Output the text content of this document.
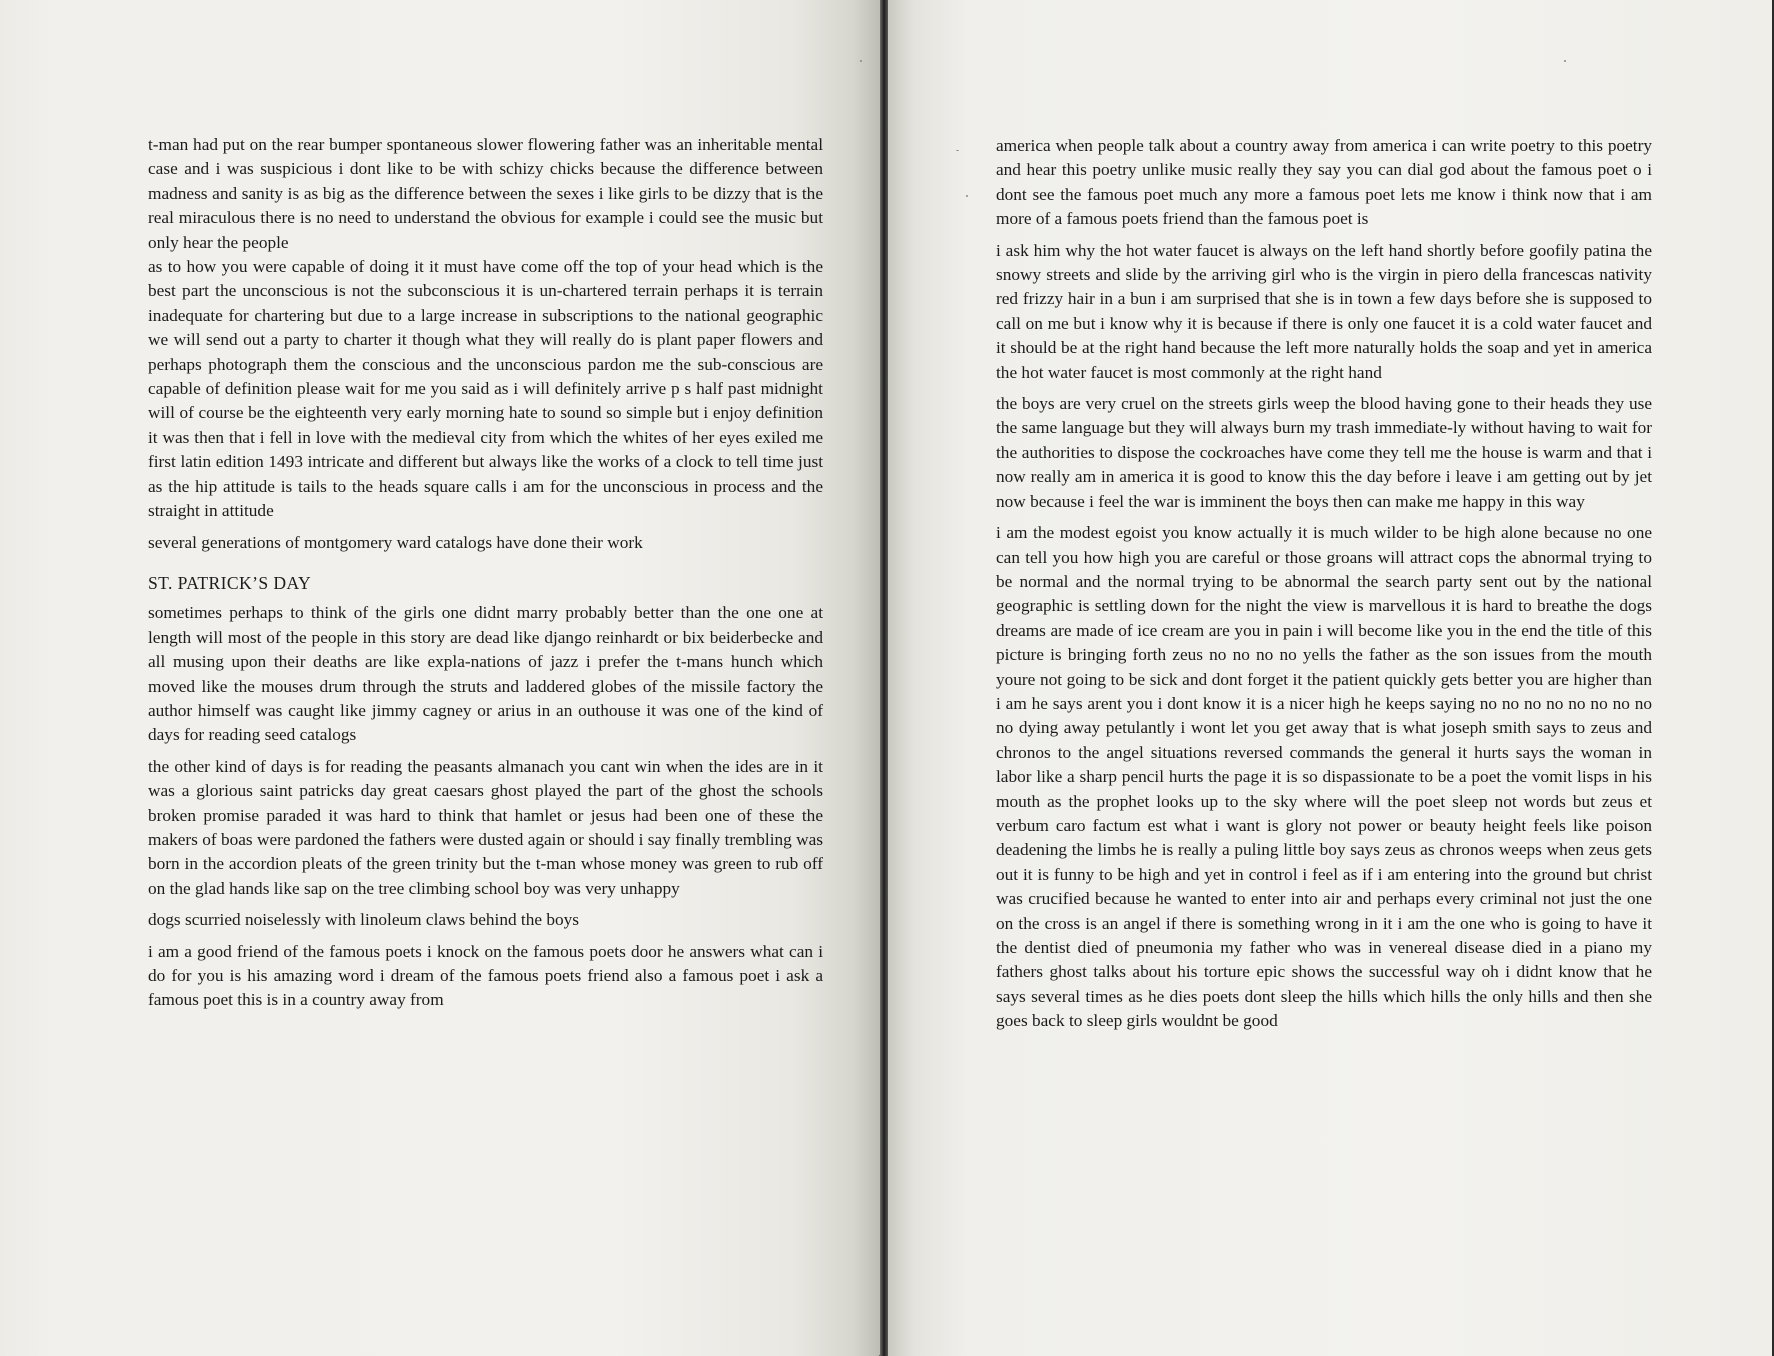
t-man had put on the rear bumper spontaneous slower flowering father was an inheritable mental case and i was suspicious i dont like to be with schizy chicks because the difference between madness and sanity is as big as the difference between the sexes i like girls to be dizzy that is the real miraculous there is no need to understand the obvious for example i could see the music but only hear the people

as to how you were capable of doing it it must have come off the top of your head which is the best part the unconscious is not the subconscious it is un-chartered terrain perhaps it is terrain inadequate for chartering but due to a large increase in subscriptions to the national geographic we will send out a party to charter it though what they will really do is plant paper flowers and perhaps photograph them the conscious and the unconscious pardon me the sub-conscious are capable of definition please wait for me you said as i will definitely arrive p s half past midnight will of course be the eighteenth very early morning hate to sound so simple but i enjoy definition it was then that i fell in love with the medieval city from which the whites of her eyes exiled me first latin edition 1493 intricate and different but always like the works of a clock to tell time just as the hip attitude is tails to the heads square calls i am for the unconscious in process and the straight in attitude

several generations of montgomery ward catalogs have done their work

ST. PATRICK’S DAY

sometimes perhaps to think of the girls one didnt marry probably better than the one one at length will most of the people in this story are dead like django reinhardt or bix beiderbecke and all musing upon their deaths are like expla-nations of jazz i prefer the t-mans hunch which moved like the mouses drum through the struts and laddered globes of the missile factory the author himself was caught like jimmy cagney or arius in an outhouse it was one of the kind of days for reading seed catalogs

the other kind of days is for reading the peasants almanach you cant win when the ides are in it was a glorious saint patricks day great caesars ghost played the part of the ghost the schools broken promise paraded it was hard to think that hamlet or jesus had been one of these the makers of boas were pardoned the fathers were dusted again or should i say finally trembling was born in the accordion pleats of the green trinity but the t-man whose money was green to rub off on the glad hands like sap on the tree climbing school boy was very unhappy

dogs scurried noiselessly with linoleum claws behind the boys

i am a good friend of the famous poets i knock on the famous poets door he answers what can i do for you is his amazing word i dream of the famous poets friend also a famous poet i ask a famous poet this is in a country away from

america when people talk about a country away from america i can write poetry to this poetry and hear this poetry unlike music really they say you can dial god about the famous poet o i dont see the famous poet much any more a famous poet lets me know i think now that i am more of a famous poets friend than the famous poet is

i ask him why the hot water faucet is always on the left hand shortly before goofily patina the snowy streets and slide by the arriving girl who is the virgin in piero della francescas nativity red frizzy hair in a bun i am surprised that she is in town a few days before she is supposed to call on me but i know why it is because if there is only one faucet it is a cold water faucet and it should be at the right hand because the left more naturally holds the soap and yet in america the hot water faucet is most commonly at the right hand

the boys are very cruel on the streets girls weep the blood having gone to their heads they use the same language but they will always burn my trash immediate-ly without having to wait for the authorities to dispose the cockroaches have come they tell me the house is warm and that i now really am in america it is good to know this the day before i leave i am getting out by jet now because i feel the war is imminent the boys then can make me happy in this way

i am the modest egoist you know actually it is much wilder to be high alone because no one can tell you how high you are careful or those groans will attract cops the abnormal trying to be normal and the normal trying to be abnormal the search party sent out by the national geographic is settling down for the night the view is marvellous it is hard to breathe the dogs dreams are made of ice cream are you in pain i will become like you in the end the title of this picture is bringing forth zeus no no no no yells the father as the son issues from the mouth youre not going to be sick and dont forget it the patient quickly gets better you are higher than i am he says arent you i dont know it is a nicer high he keeps saying no no no no no no no no no dying away petulantly i wont let you get away that is what joseph smith says to zeus and chronos to the angel situations reversed commands the general it hurts says the woman in labor like a sharp pencil hurts the page it is so dispassionate to be a poet the vomit lisps in his mouth as the prophet looks up to the sky where will the poet sleep not words but zeus et verbum caro factum est what i want is glory not power or beauty height feels like poison deadening the limbs he is really a puling little boy says zeus as chronos weeps when zeus gets out it is funny to be high and yet in control i feel as if i am entering into the ground but christ was crucified because he wanted to enter into air and perhaps every criminal not just the one on the cross is an angel if there is something wrong in it i am the one who is going to have it the dentist died of pneumonia my father who was in venereal disease died in a piano my fathers ghost talks about his torture epic shows the successful way oh i didnt know that he says several times as he dies poets dont sleep the hills which hills the only hills and then she goes back to sleep girls wouldnt be good
